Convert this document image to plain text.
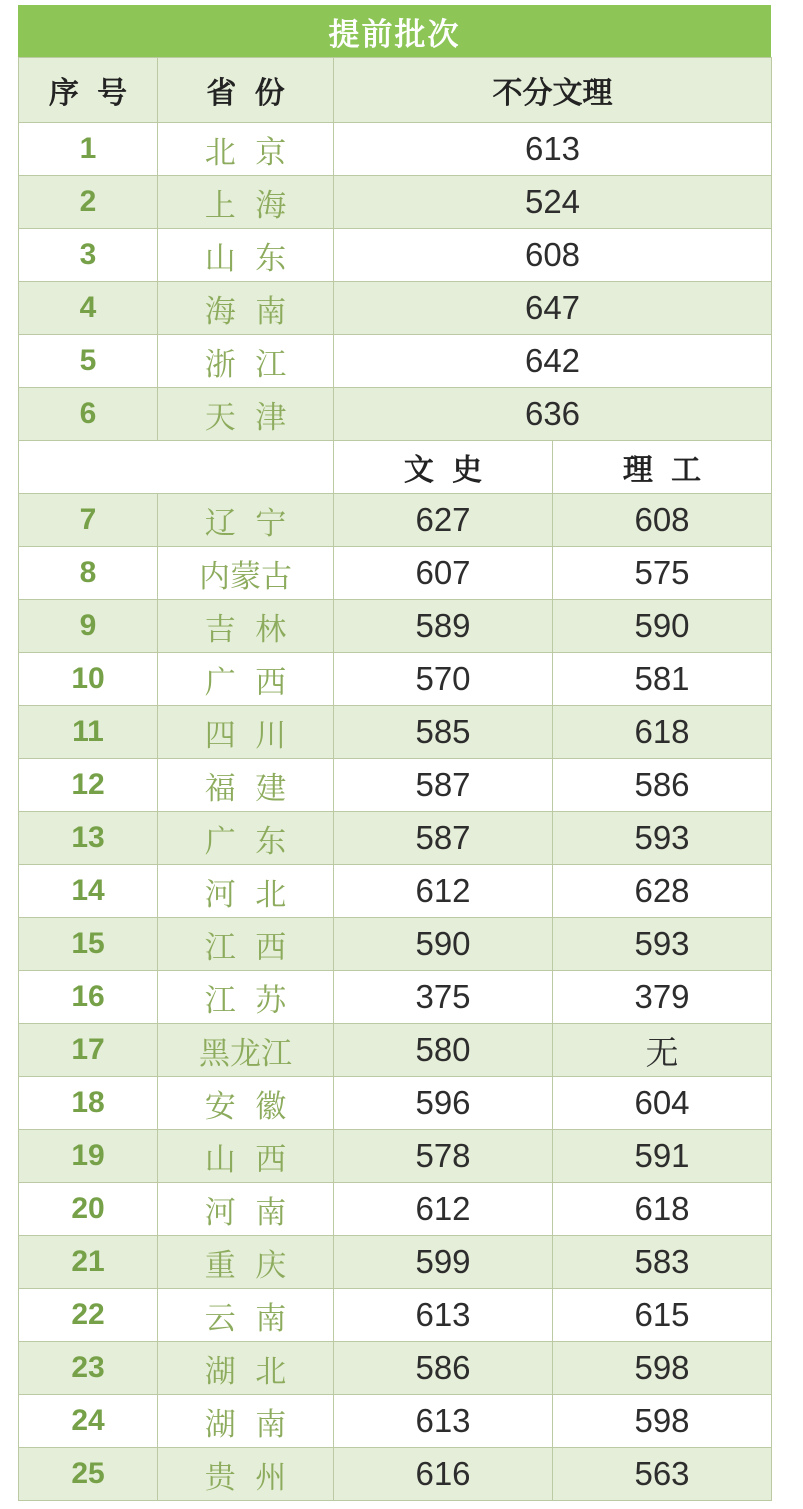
提前批次
序 号	省 份	不分文理	
1	北 京	613	
2	上 海	524	
3	山 东	608	
4	海 南	647	
5	浙 江	642	
6	天 津	636	
		文 史	理 工
7	辽 宁	627	608
8	内蒙古	607	575
9	吉 林	589	590
10	广 西	570	581
11	四 川	585	618
12	福 建	587	586
13	广 东	587	593
14	河 北	612	628
15	江 西	590	593
16	江 苏	375	379
17	黑龙江	580	无
18	安 徽	596	604
19	山 西	578	591
20	河 南	612	618
21	重 庆	599	583
22	云 南	613	615
23	湖 北	586	598
24	湖 南	613	598
25	贵 州	616	563
